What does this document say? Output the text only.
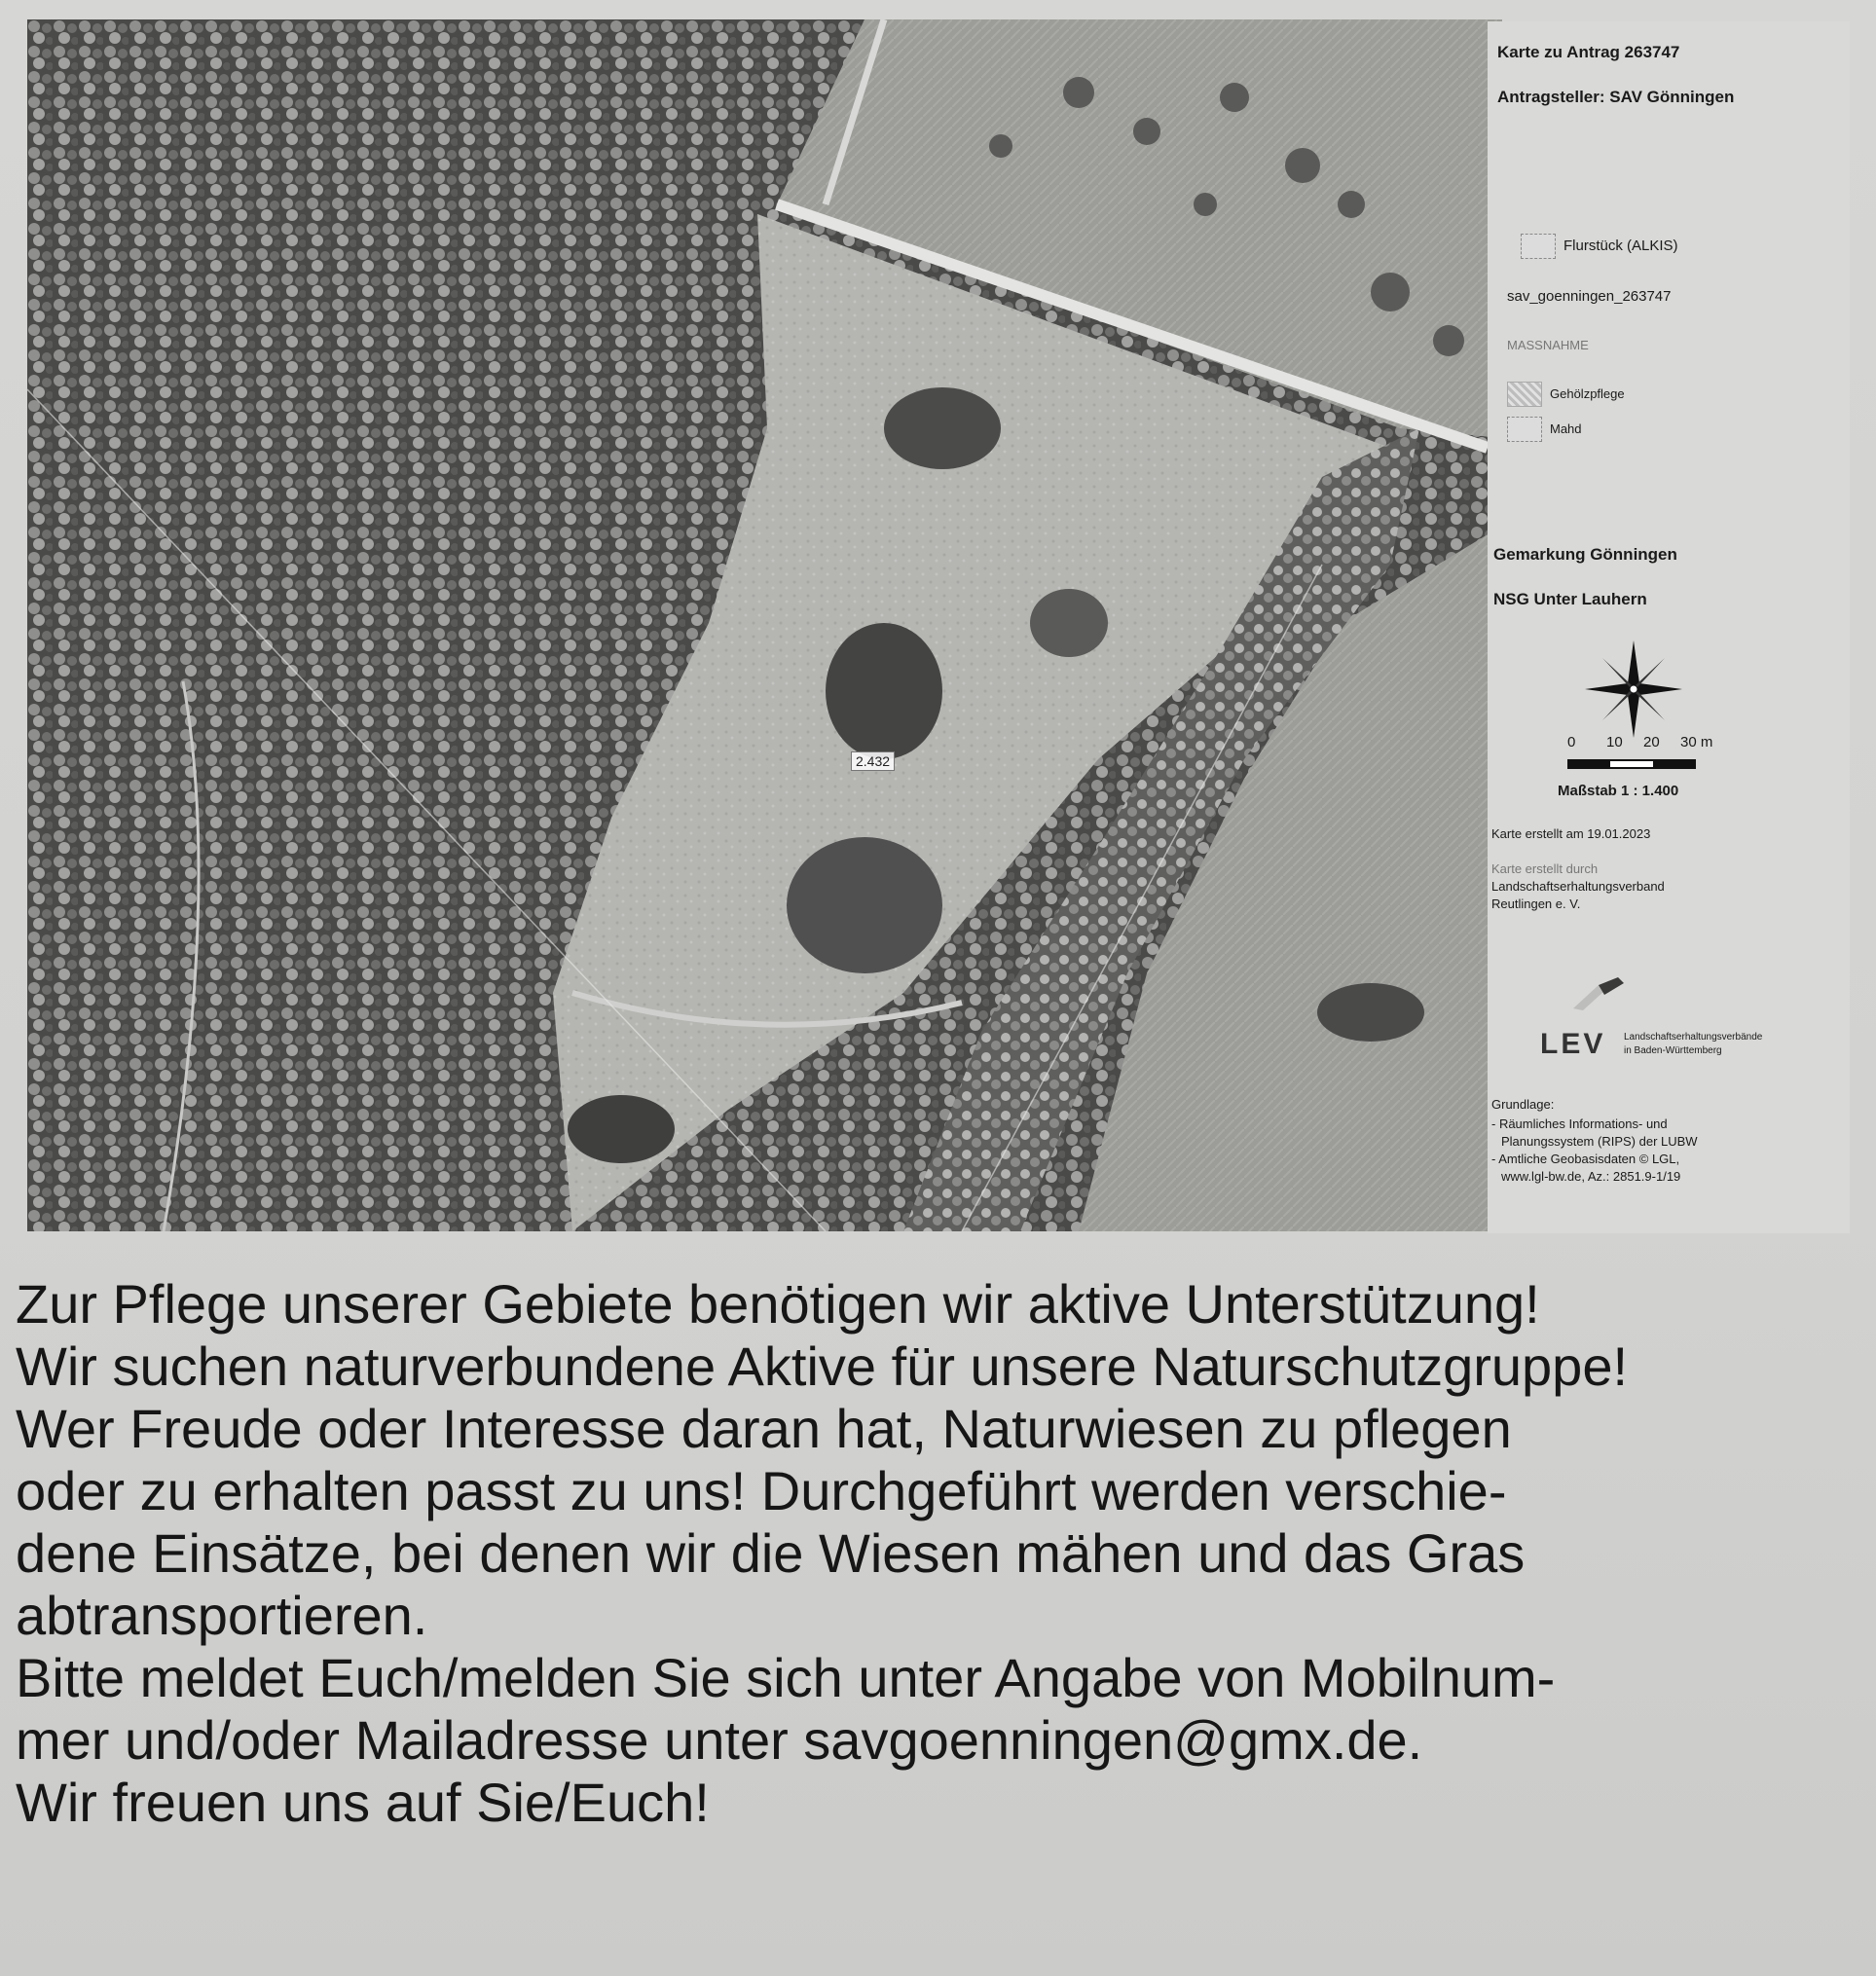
2.432
Karte zu Antrag 263747
Antragsteller: SAV Gönningen
Flurstück (ALKIS)
sav_goenningen_263747
MASSNAHME
Gehölzpflege
Mahd
Gemarkung Gönningen
NSG Unter Lauhern
0 10 20 30 m
Maßstab 1 : 1.400
Karte erstellt am 19.01.2023
Karte erstellt durch
Landschaftserhaltungsverband
Reutlingen e. V.
LEV Landschaftserhaltungsverbände
in Baden-Württemberg
Grundlage:
- Räumliches Informations- und
Planungssystem (RIPS) der LUBW
- Amtliche Geobasisdaten © LGL,
www.lgl-bw.de, Az.: 2851.9-1/19

Zur Pflege unserer Gebiete benötigen wir aktive Unterstützung!

Wir suchen naturverbundene Aktive für unsere Naturschutzgruppe!

Wer Freude oder Interesse daran hat, Naturwiesen zu pflegen

oder zu erhalten passt zu uns! Durchgeführt werden verschie-

dene Einsätze, bei denen wir die Wiesen mähen und das Gras

abtransportieren.

Bitte meldet Euch/melden Sie sich unter Angabe von Mobilnum-

mer und/oder Mailadresse unter savgoenningen@gmx.de.

Wir freuen uns auf Sie/Euch!
